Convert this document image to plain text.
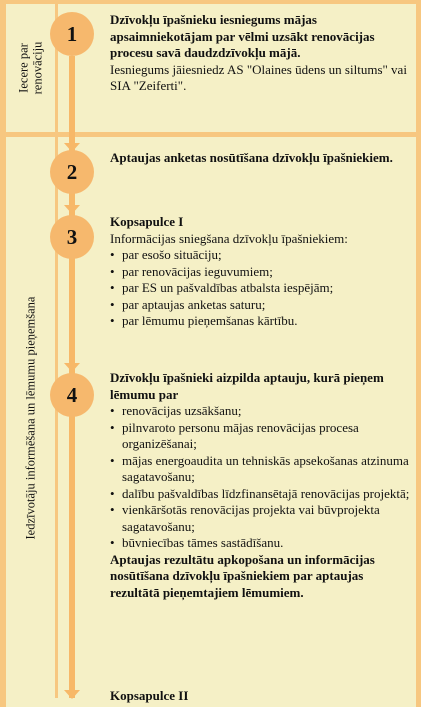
Iecere par renovāciju
Iedzīvotāju informēšana un lēmumu pieņemšana
1
2
3
4

Dzīvokļu īpašnieku iesniegums mājas apsaimniekotājam par vēlmi uzsākt renovācijas procesu savā daudzdzīvokļu mājā.

Iesniegums jāiesniedz AS "Olaines ūdens un siltums" vai SIA "Zeiferti".

Aptaujas anketas nosūtīšana dzīvokļu īpašniekiem.

Kopsapulce I

Informācijas sniegšana dzīvokļu īpašniekiem:

• par esošo situāciju;
• par renovācijas ieguvumiem;
• par ES un pašvaldības atbalsta iespējām;
• par aptaujas anketas saturu;
• par lēmumu pieņemšanas kārtību.

Dzīvokļu īpašnieki aizpilda aptauju, kurā pieņem lēmumu par

• renovācijas uzsākšanu;
• pilnvaroto personu mājas renovācijas procesa organizēšanai;
• mājas energoaudita un tehniskās apsekošanas atzinuma sagatavošanu;
• dalību pašvaldības līdzfinansētajā renovācijas projektā;
• vienkāršotās renovācijas projekta vai būvprojekta sagatavošanu;
• būvniecības tāmes sastādīšanu.

Aptaujas rezultātu apkopošana un informācijas nosūtīšana dzīvokļu īpašniekiem par aptaujas rezultātā pieņemtajiem lēmumiem.

Kopsapulce II
